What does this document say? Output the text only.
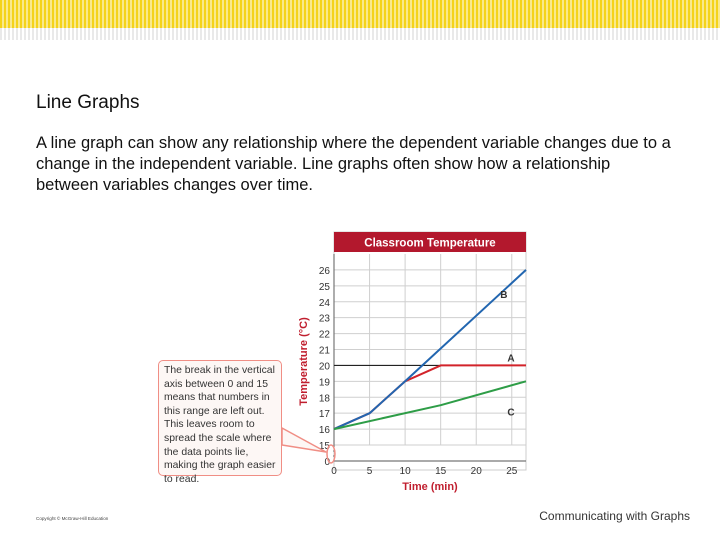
Line Graphs
A line graph can show any relationship where the dependent variable changes due to a change in the independent variable. Line graphs often show how a relationship between variables changes over time.
Classroom Temperature
0
15
16
17
18
19
20
21
22
23
24
25
26
0	5	10 15 20 25
Time (min)
Temperature (°C)	A
B
C
The break in the vertical axis between 0 and 15 means that numbers in this range are left out. This leaves room to spread the scale where the data points lie, making the graph easier to read.
Copyright © McGraw-Hill Education	Communicating with Graphs
